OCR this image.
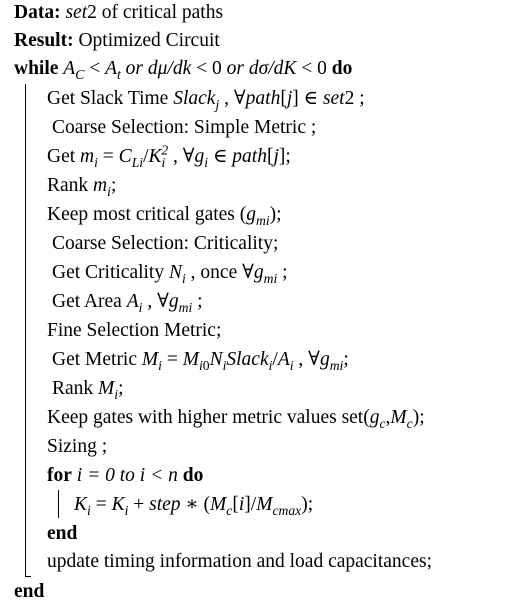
Data: set2 of critical paths
Result: Optimized Circuit
while $A_C < A_t$ or dμ/dk < 0 or dσ/dK < 0 do
Get Slack Time Slack$_j$ , ∀path[j] ∈ set2 ;
Coarse Selection: Simple Metric ;
Get $m_i = C_{Li}/K_i^2$ , $\forall g_i$ ∈ path[j];
Rank $m_i$;
Keep most critical gates $(g_{mi})$;
Coarse Selection: Criticality;
Get Criticality $N_i$ , once $\forall g_{mi}$ ;
Get Area $A_i$ , $\forall g_{mi}$ ;
Fine Selection Metric;
Get Metric $M_i$ = $M_{i0}N_iSlack_i/A_i$ , $\forall g_{mi}$;
Rank $M_i$;
Keep gates with higher metric values $set(g_c,M_c)$;
Sizing ;
for i = 0 to i < n do
$K_i = K_i$ + step ∗ $(M_c[i]/M_{cmax})$;
end
update timing information and load capacitances;
end
